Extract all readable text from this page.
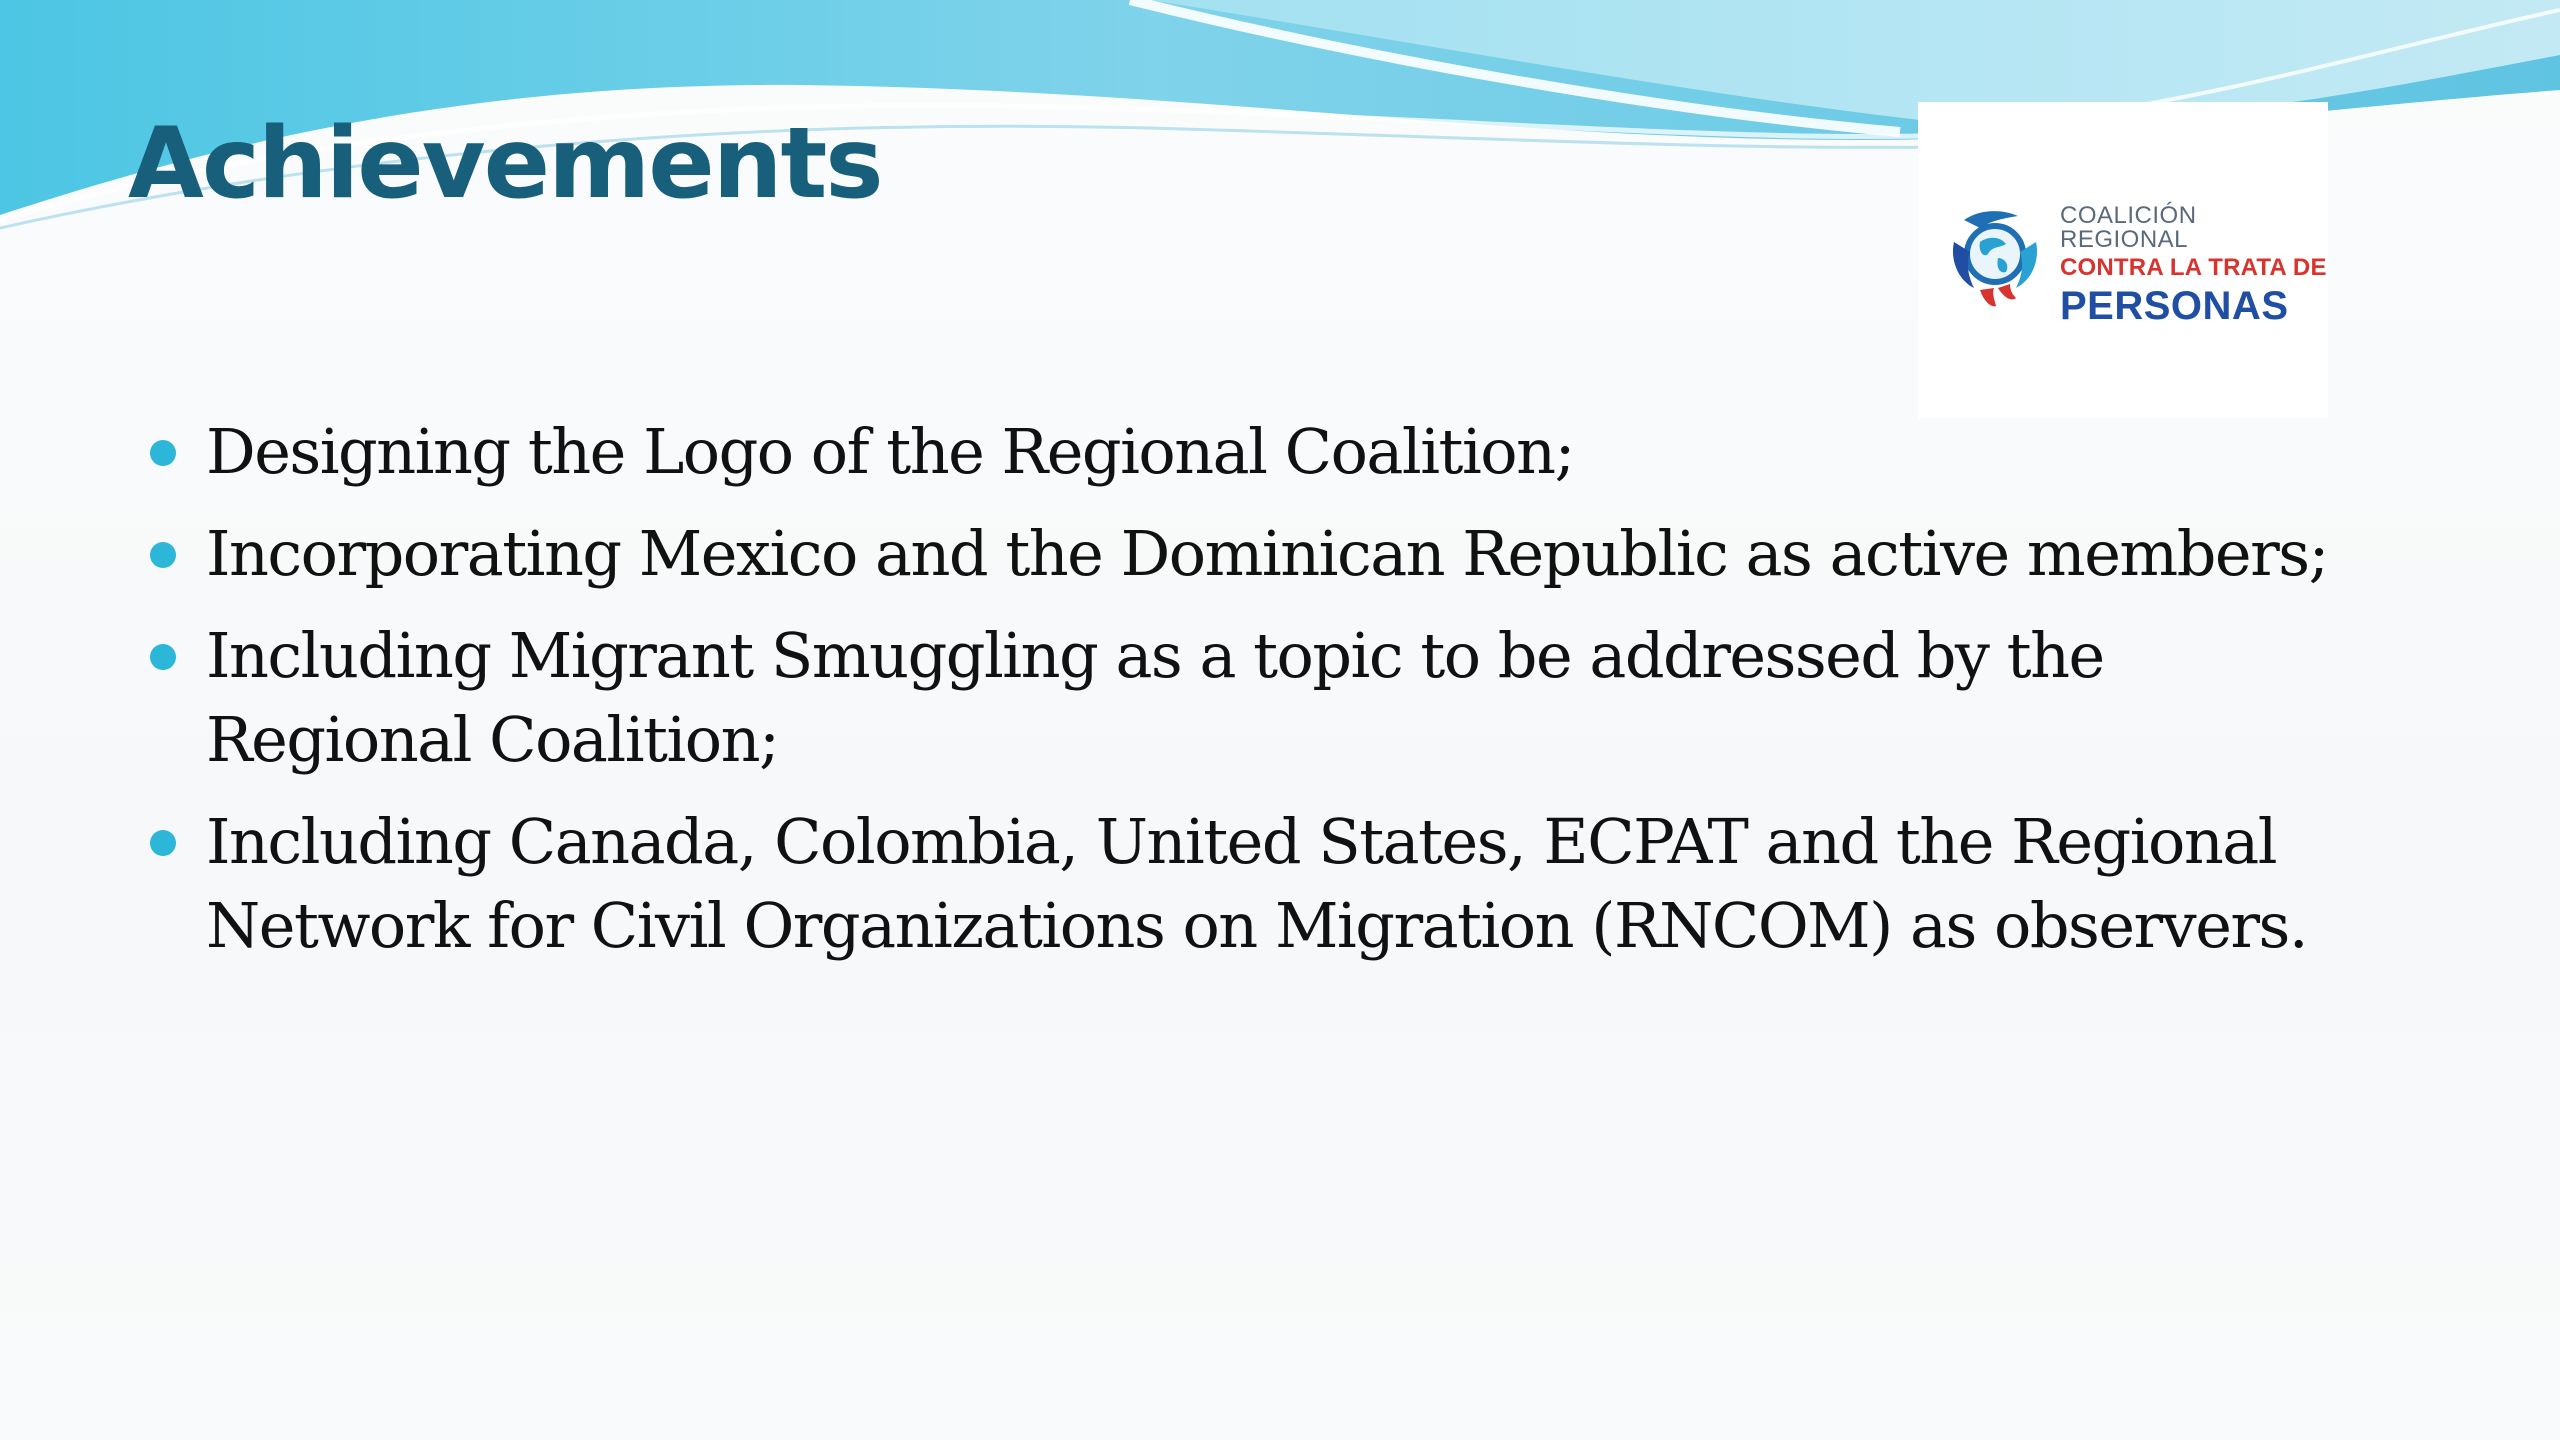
Achievements	COALICIÓN REGIONAL
CONTRA LA TRATA DE
PERSONAS
Designing the Logo of the Regional Coalition;
Incorporating Mexico and the Dominican Republic as active members;
Including Migrant Smuggling as a topic to be addressed by the Regional Coalition;
Including Canada, Colombia, United States, ECPAT and the Regional Network for Civil Organizations on Migration (RNCOM) as observers.
